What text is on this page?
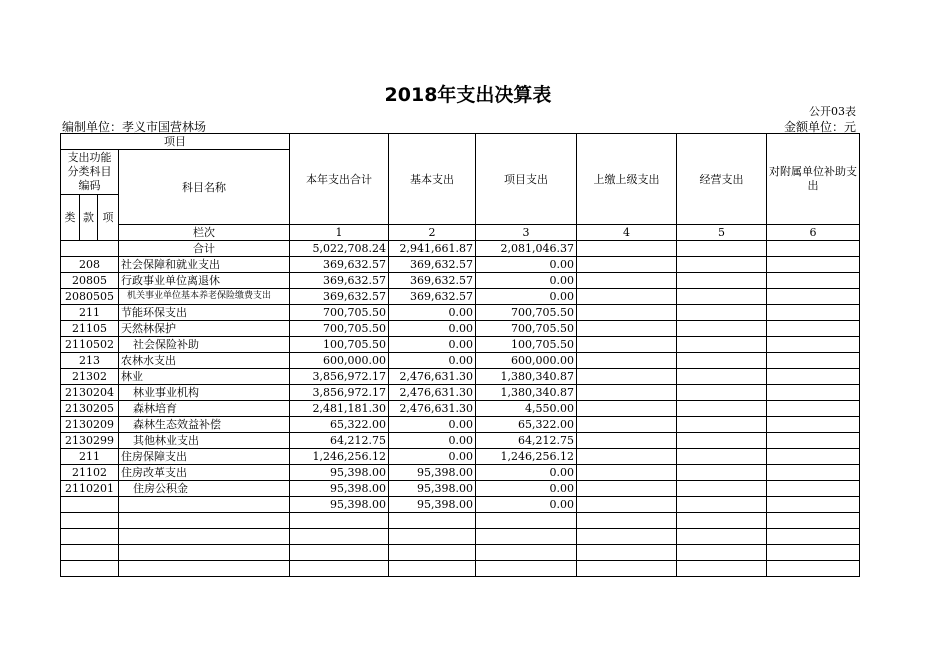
2018年支出决算表
公开03表
编制单位：孝义市国营林场	金额单位：元
项目				本年支出合计	基本支出	项目支出	上缴上级支出	经营支出	对附属单位补助支出
支出功能分类科目编码			科目名称						
类	款	项							
			栏次	1	2	3	4	5	6
			合计	5,022,708.24	2,941,661.87	2,081,046.37			
208			社会保障和就业支出	369,632.57	369,632.57	0.00			
20805			行政事业单位离退休	369,632.57	369,632.57	0.00			
2080505			机关事业单位基本养老保险缴费支出	369,632.57	369,632.57	0.00			
211			节能环保支出	700,705.50	0.00	700,705.50			
21105			天然林保护	700,705.50	0.00	700,705.50			
2110502			社会保险补助	100,705.50	0.00	100,705.50			
213			农林水支出	600,000.00	0.00	600,000.00			
21302			林业	3,856,972.17	2,476,631.30	1,380,340.87			
2130204			林业事业机构	3,856,972.17	2,476,631.30	1,380,340.87			
2130205			森林培育	2,481,181.30	2,476,631.30	4,550.00			
2130209			森林生态效益补偿	65,322.00	0.00	65,322.00			
2130299			其他林业支出	64,212.75	0.00	64,212.75			
211			住房保障支出	1,246,256.12	0.00	1,246,256.12			
21102			住房改革支出	95,398.00	95,398.00	0.00			
2110201			住房公积金	95,398.00	95,398.00	0.00			
				95,398.00	95,398.00	0.00			
